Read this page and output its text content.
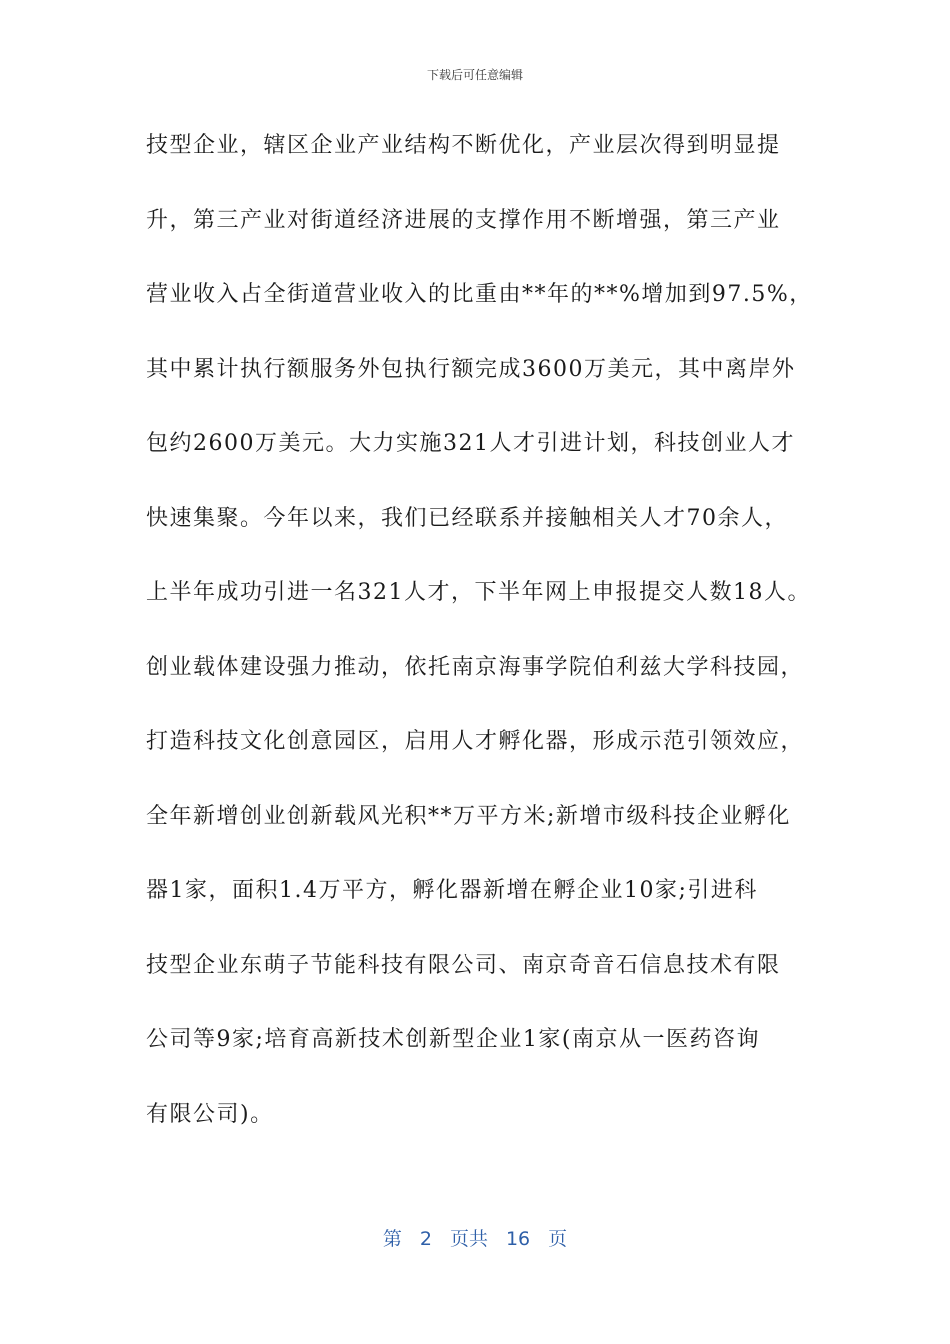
下载后可任意编辑
技型企业，辖区企业产业结构不断优化，产业层次得到明显提
升，第三产业对街道经济进展的支撑作用不断增强，第三产业
营业收入占全街道营业收入的比重由**年的**%增加到97.5%，
其中累计执行额服务外包执行额完成3600万美元，其中离岸外
包约2600万美元。大力实施321人才引进计划，科技创业人才
快速集聚。今年以来，我们已经联系并接触相关人才70余人，
上半年成功引进一名321人才，下半年网上申报提交人数18人。
创业载体建设强力推动，依托南京海事学院伯利兹大学科技园，
打造科技文化创意园区，启用人才孵化器，形成示范引领效应，
全年新增创业创新载风光积**万平方米;新增市级科技企业孵化
器1家，面积1.4万平方，孵化器新增在孵企业10家;引进科
技型企业东萌子节能科技有限公司、南京奇音石信息技术有限
公司等9家;培育高新技术创新型企业1家(南京从一医药咨询
有限公司)。
第 2 页共 16 页
